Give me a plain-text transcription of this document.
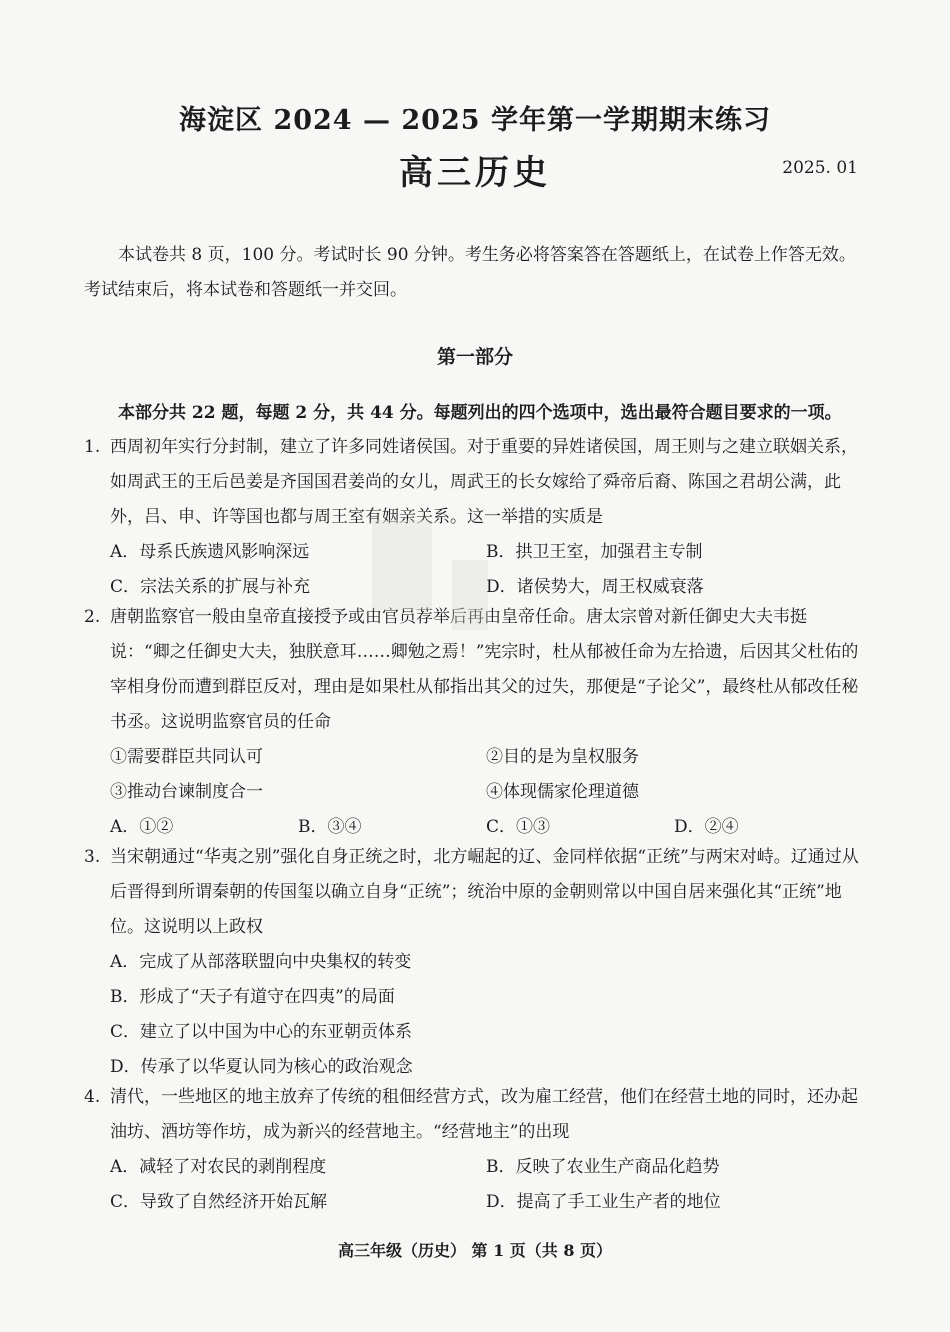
海淀区 2024 — 2025 学年第一学期期末练习
高三历史	2025. 01
本试卷共 8 页，100 分。考试时长 90 分钟。考生务必将答案答在答题纸上，在试卷上作答无效。考试结束后，将本试卷和答题纸一并交回。
第一部分
本部分共 22 题，每题 2 分，共 44 分。每题列出的四个选项中，选出最符合题目要求的一项。
1. 西周初年实行分封制，建立了许多同姓诸侯国。对于重要的异姓诸侯国，周王则与之建立联姻关系，如周武王的王后邑姜是齐国国君姜尚的女儿，周武王的长女嫁给了舜帝后裔、陈国之君胡公满，此外，吕、申、许等国也都与周王室有姻亲关系。这一举措的实质是
A．母系氏族遗风影响深远	B．拱卫王室，加强君主专制
C．宗法关系的扩展与补充	D．诸侯势大，周王权威衰落
2. 唐朝监察官一般由皇帝直接授予或由官员荐举后再由皇帝任命。唐太宗曾对新任御史大夫韦挺说：“卿之任御史大夫，独朕意耳……卿勉之焉！”宪宗时，杜从郁被任命为左拾遗，后因其父杜佑的宰相身份而遭到群臣反对，理由是如果杜从郁指出其父的过失，那便是“子论父”，最终杜从郁改任秘书丞。这说明监察官员的任命
①需要群臣共同认可	②目的是为皇权服务
③推动台谏制度合一	④体现儒家伦理道德
A．①②	B．③④	C．①③	D．②④
3. 当宋朝通过“华夷之别”强化自身正统之时，北方崛起的辽、金同样依据“正统”与两宋对峙。辽通过从后晋得到所谓秦朝的传国玺以确立自身“正统”；统治中原的金朝则常以中国自居来强化其“正统”地位。这说明以上政权
A．完成了从部落联盟向中央集权的转变
B．形成了“天子有道守在四夷”的局面
C．建立了以中国为中心的东亚朝贡体系
D．传承了以华夏认同为核心的政治观念
4. 清代，一些地区的地主放弃了传统的租佃经营方式，改为雇工经营，他们在经营土地的同时，还办起油坊、酒坊等作坊，成为新兴的经营地主。“经营地主”的出现
A．减轻了对农民的剥削程度	B．反映了农业生产商品化趋势
C．导致了自然经济开始瓦解	D．提高了手工业生产者的地位
高三年级（历史） 第 1 页（共 8 页）
